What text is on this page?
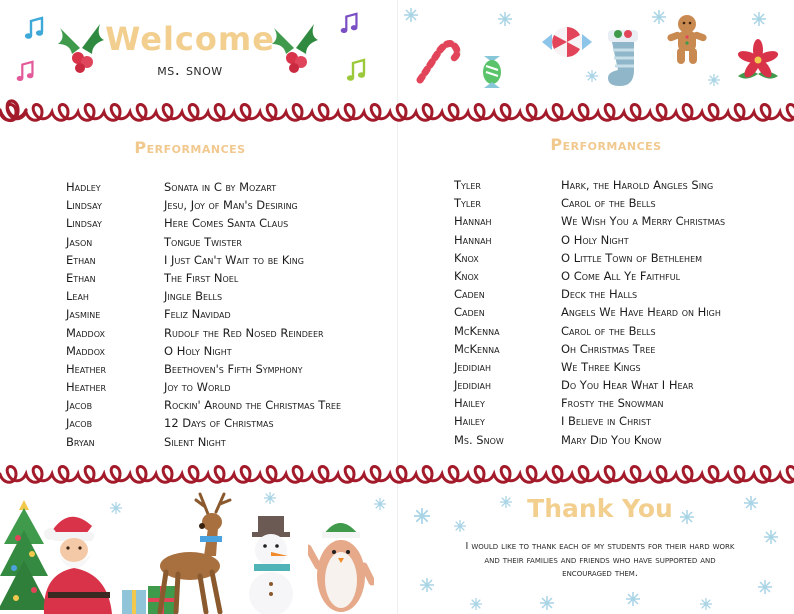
Welcome
ms. snow
Performances	Performances
Hadley	Sonata in C by Mozart
Lindsay	Jesu, Joy of Man's Desiring
Lindsay	Here Comes Santa Claus
Jason	Tongue Twister
Ethan	I Just Can't Wait to be King
Ethan	The First Noel
Leah	Jingle Bells
Jasmine	Feliz Navidad
Maddox	Rudolf the Red Nosed Reindeer
Maddox	O Holy Night
Heather	Beethoven's Fifth Symphony
Heather	Joy to World
Jacob	Rockin' Around the Christmas Tree
Jacob	12 Days of Christmas
Bryan	Silent Night
Tyler	Hark, the Harold Angles Sing
Tyler	Carol of the Bells
Hannah	We Wish You a Merry Christmas
Hannah	O Holy Night
Knox	O Little Town of Bethlehem
Knox	O Come All Ye Faithful
Caden	Deck the Halls
Caden	Angels We Have Heard on High
McKenna	Carol of the Bells
McKenna	Oh Christmas Tree
Jedidiah	We Three Kings
Jedidiah	Do You Hear What I Hear
Hailey	Frosty the Snowman
Hailey	I Believe in Christ
Ms. Snow	Mary Did You Know
Thank You
I would like to thank each of my students for their hard work and their families and friends who have supported and encouraged them.
